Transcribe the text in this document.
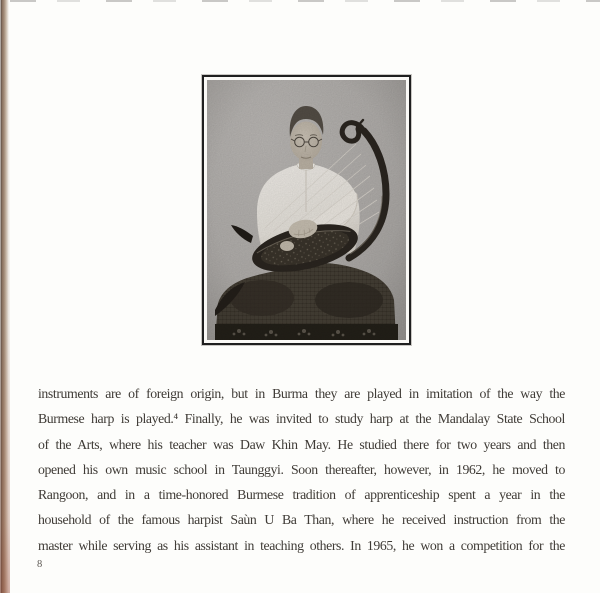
instruments are of foreign origin, but in Burma they are played in imitation of the way the
Burmese harp is played.⁴ Finally, he was invited to study harp at the Mandalay State School
of the Arts, where his teacher was Daw Khin May. He studied there for two years and then
opened his own music school in Taunggyi. Soon thereafter, however, in 1962, he moved to
Rangoon, and in a time-honored Burmese tradition of apprenticeship spent a year in the
household of the famous harpist Saùn U Ba Than, where he received instruction from the
master while serving as his assistant in teaching others. In 1965, he won a competition for the
8
